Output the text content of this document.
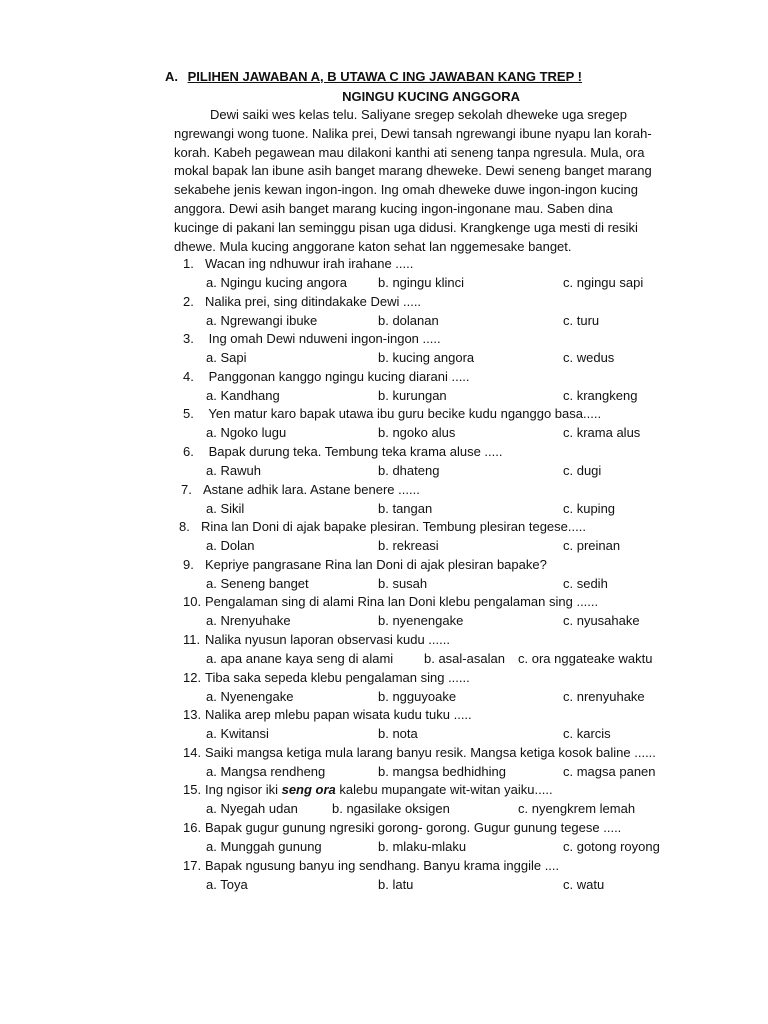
A. PILIHEN JAWABAN A, B UTAWA C ING JAWABAN KANG TREP !
NGINGU KUCING ANGGORA

Dewi saiki wes kelas telu. Saliyane sregep sekolah dheweke uga sregep ngrewangi wong tuone. Nalika prei, Dewi tansah ngrewangi ibune nyapu lan korah-korah. Kabeh pegawean mau dilakoni kanthi ati seneng tanpa ngresula. Mula, ora mokal bapak lan ibune asih banget marang dheweke. Dewi seneng banget marang sekabehe jenis kewan ingon-ingon. Ing omah dheweke duwe ingon-ingon kucing anggora. Dewi asih banget marang kucing ingon-ingonane mau. Saben dina kucinge di pakani lan seminggu pisan uga didusi. Krangkenge uga mesti di resiki dhewe. Mula kucing anggorane katon sehat lan nggemesake banget.

1. Wacan ing ndhuwur irah irahane .....
a. Ngingu kucing angora b. ngingu klinci	c. ngingu sapi
2. Nalika prei, sing ditindakake Dewi .....
a. Ngrewangi ibuke	b. dolanan	c. turu
3. Ing omah Dewi nduweni ingon-ingon .....
a. Sapi	b. kucing angora	c. wedus
4. Panggonan kanggo ngingu kucing diarani .....
a. Kandhang	b. kurungan	c. krangkeng
5. Yen matur karo bapak utawa ibu guru becike kudu nganggo basa.....
a. Ngoko lugu	b. ngoko alus	c. krama alus
6. Bapak durung teka. Tembung teka krama aluse .....
a. Rawuh	b. dhateng	c. dugi
7. Astane adhik lara. Astane benere ......
a. Sikil	b. tangan	c. kuping
8. Rina lan Doni di ajak bapake plesiran. Tembung plesiran tegese.....
a. Dolan	b. rekreasi	c. preinan
9. Kepriye pangrasane Rina lan Doni di ajak plesiran bapake?
a. Seneng banget	b. susah	c. sedih
10. Pengalaman sing di alami Rina lan Doni klebu pengalaman sing ......
a. Nrenyuhake	b. nyenengake	c. nyusahake
11. Nalika nyusun laporan observasi kudu ......
a. apa anane kaya seng di alami b. asal-asalan c. ora nggateake waktu
12. Tiba saka sepeda klebu pengalaman sing ......
a. Nyenengake	b. ngguyoake	c. nrenyuhake
13. Nalika arep mlebu papan wisata kudu tuku .....
a. Kwitansi	b. nota	c. karcis
14. Saiki mangsa ketiga mula larang banyu resik. Mangsa ketiga kosok baline ......
a. Mangsa rendheng	b. mangsa bedhidhing	c. magsa panen
15. Ing ngisor iki seng ora kalebu mupangate wit-witan yaiku.....
a. Nyegah udan	b. ngasilake oksigen	c. nyengkrem lemah
16. Bapak gugur gunung ngresiki gorong- gorong. Gugur gunung tegese .....
a. Munggah gunung	b. mlaku-mlaku	c. gotong royong
17. Bapak ngusung banyu ing sendhang. Banyu krama inggile ....
a. Toya	b. latu	c. watu
